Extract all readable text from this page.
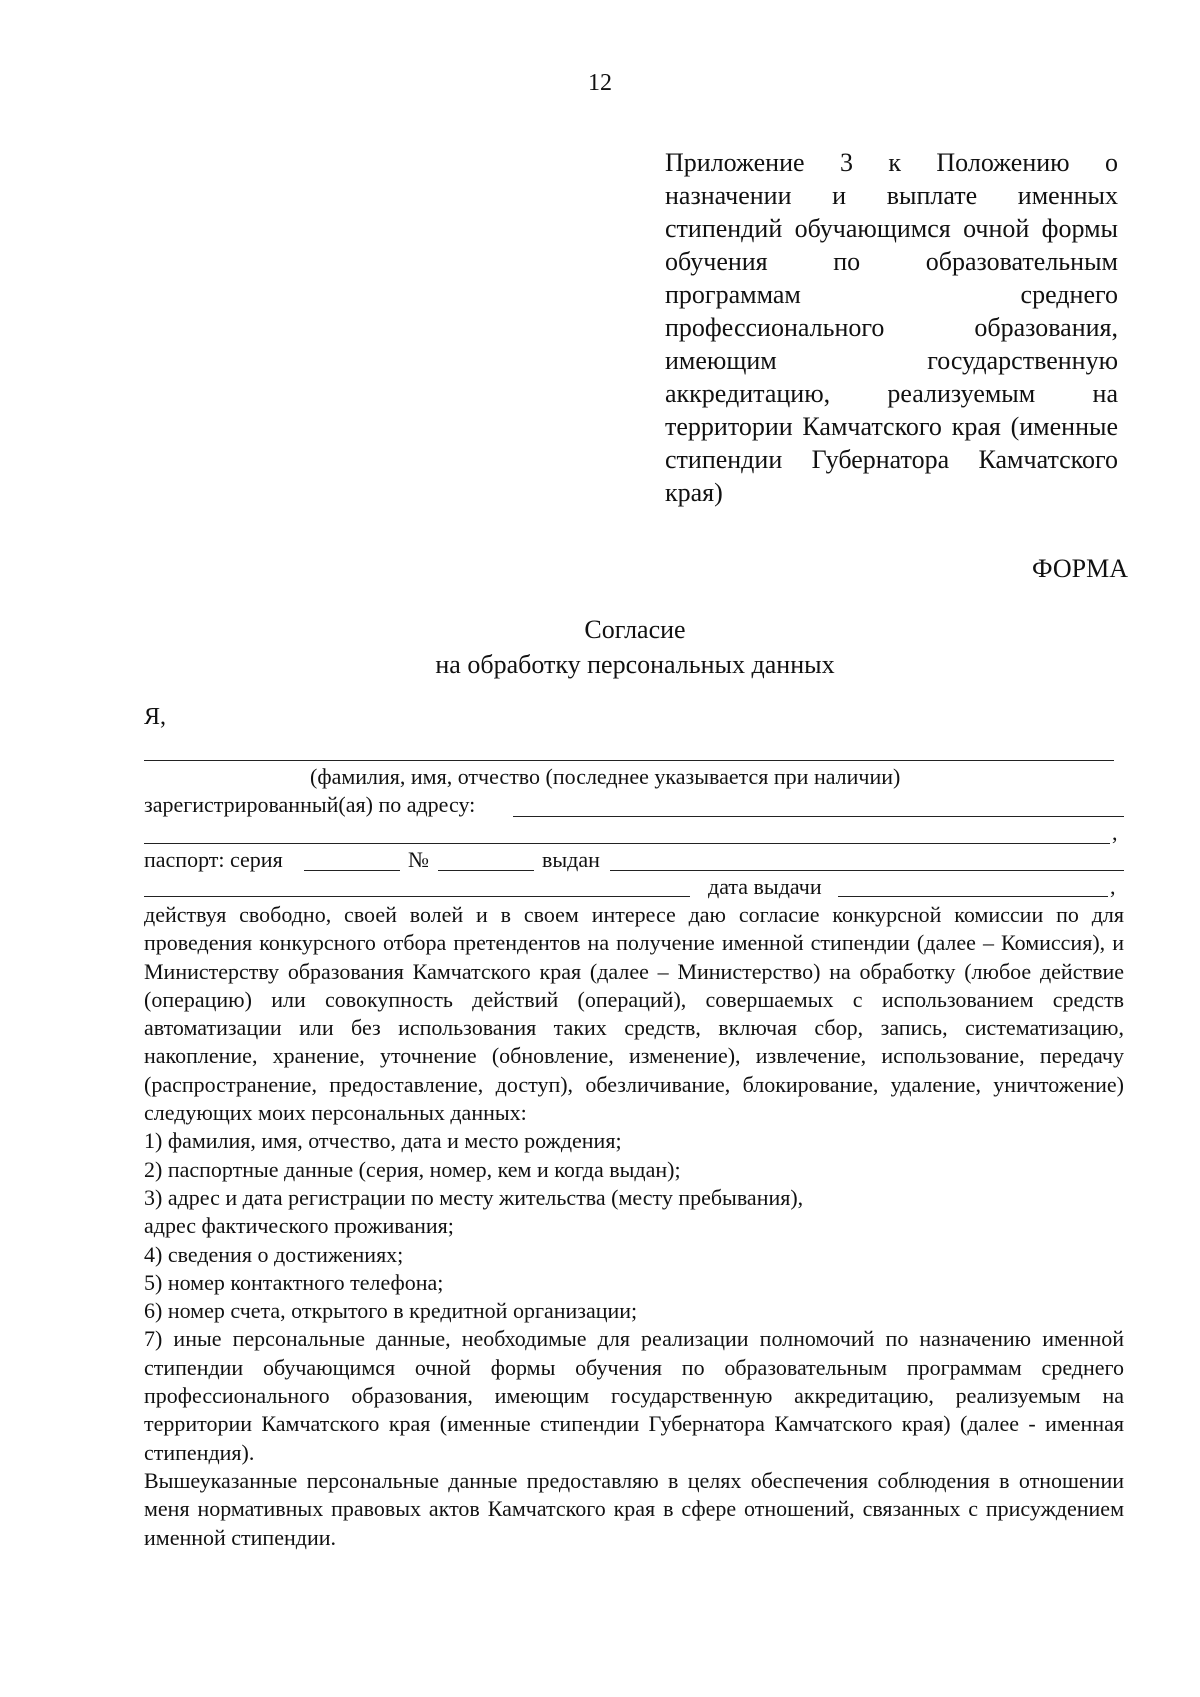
12
Приложение 3 к Положению о назначении и выплате именных стипендий обучающимся очной формы обучения по образовательным программам среднего профессионального образования, имеющим государственную аккредитацию, реализуемым на территории Камчатского края (именные стипендии Губернатора Камчатского края)
ФОРМА
Согласие
на обработку персональных данных
Я,
(фамилия, имя, отчество (последнее указывается при наличии)
зарегистрированный(ая) по адресу:
,
паспорт: серия	№	выдан
дата выдачи	,

действуя свободно, своей волей и в своем интересе даю согласие конкурсной комиссии по для проведения конкурсного отбора претендентов на получение именной стипендии (далее – Комиссия), и Министерству образования Камчатского края (далее – Министерство) на обработку (любое действие (операцию) или совокупность действий (операций), совершаемых с использованием средств автоматизации или без использования таких средств, включая сбор, запись, систематизацию, накопление, хранение, уточнение (обновление, изменение), извлечение, использование, передачу (распространение, предоставление, доступ), обезличивание, блокирование, удаление, уничтожение) следующих моих персональных данных:

1) фамилия, имя, отчество, дата и место рождения;

2) паспортные данные (серия, номер, кем и когда выдан);

3) адрес и дата регистрации по месту жительства (месту пребывания),

адрес фактического проживания;

4) сведения о достижениях;

5) номер контактного телефона;

6) номер счета, открытого в кредитной организации;

7) иные персональные данные, необходимые для реализации полномочий по назначению именной стипендии обучающимся очной формы обучения по образовательным программам среднего профессионального образования, имеющим государственную аккредитацию, реализуемым на территории Камчатского края (именные стипендии Губернатора Камчатского края) (далее - именная стипендия).

Вышеуказанные персональные данные предоставляю в целях обеспечения соблюдения в отношении меня нормативных правовых актов Камчатского края в сфере отношений, связанных с присуждением именной стипендии.
